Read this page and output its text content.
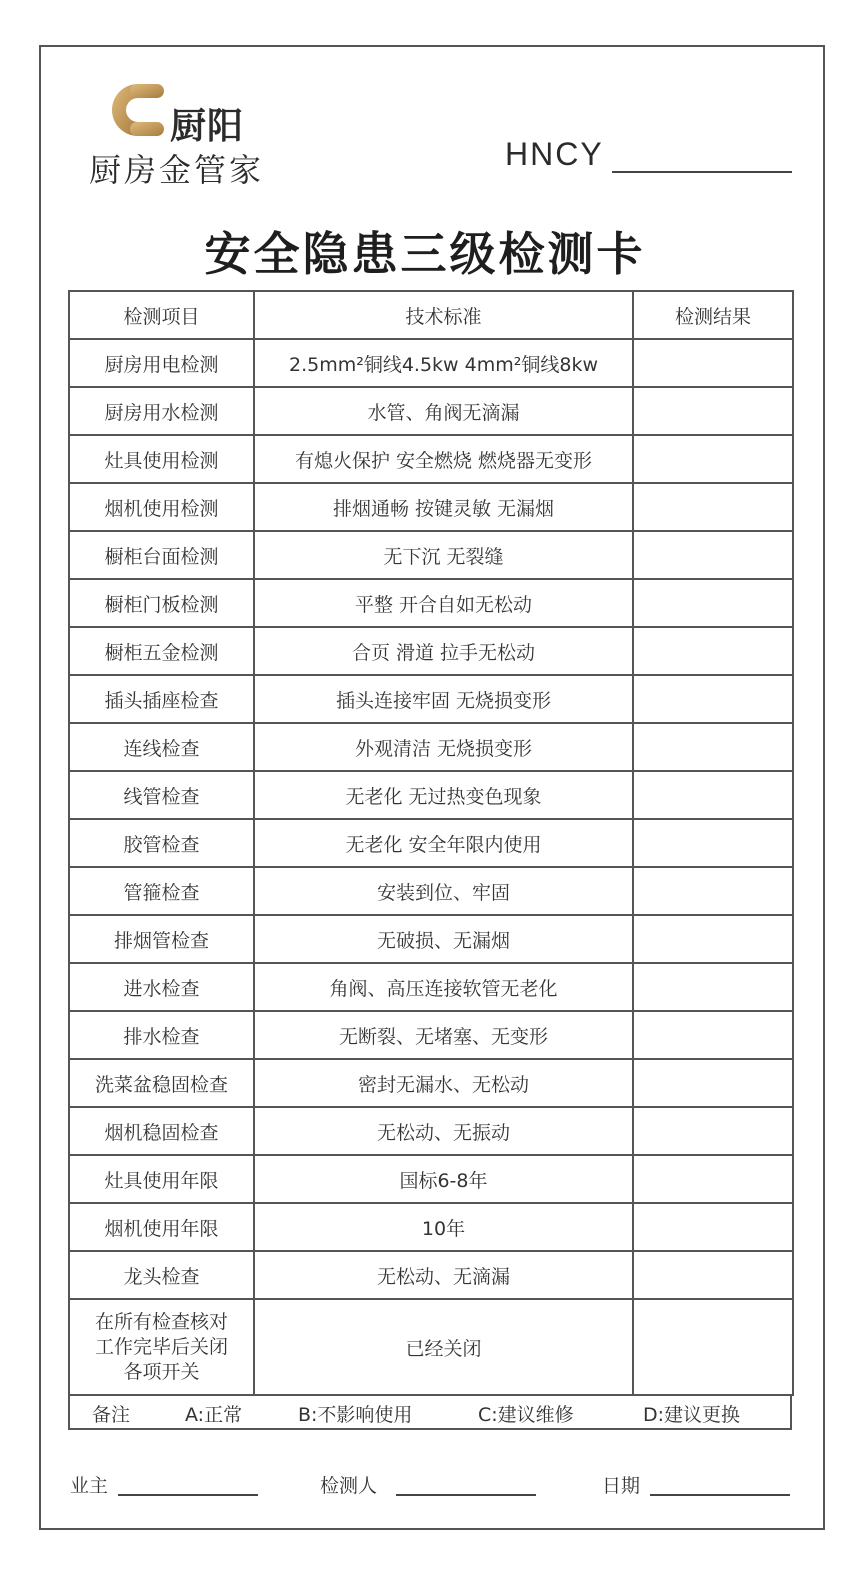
厨阳
厨房金管家	HNCY
安全隐患三级检测卡
检测项目	技术标准	检测结果
厨房用电检测	2.5mm²铜线4.5kw 4mm²铜线8kw	
厨房用水检测	水管、角阀无滴漏	
灶具使用检测	有熄火保护 安全燃烧 燃烧器无变形	
烟机使用检测	排烟通畅 按键灵敏 无漏烟	
橱柜台面检测	无下沉 无裂缝	
橱柜门板检测	平整 开合自如无松动	
橱柜五金检测	合页 滑道 拉手无松动	
插头插座检查	插头连接牢固 无烧损变形	
连线检查	外观清洁 无烧损变形	
线管检查	无老化 无过热变色现象	
胶管检查	无老化 安全年限内使用	
管箍检查	安装到位、牢固	
排烟管检查	无破损、无漏烟	
进水检查	角阀、高压连接软管无老化	
排水检查	无断裂、无堵塞、无变形	
洗菜盆稳固检查	密封无漏水、无松动	
烟机稳固检查	无松动、无振动	
灶具使用年限	国标6-8年	
烟机使用年限	10年	
龙头检查	无松动、无滴漏	

在所有检查核对
工作完毕后关闭
各项开关	已经关闭	
备注	A:正常	B:不影响使用	C:建议维修	D:建议更换
业主	检测人	日期
